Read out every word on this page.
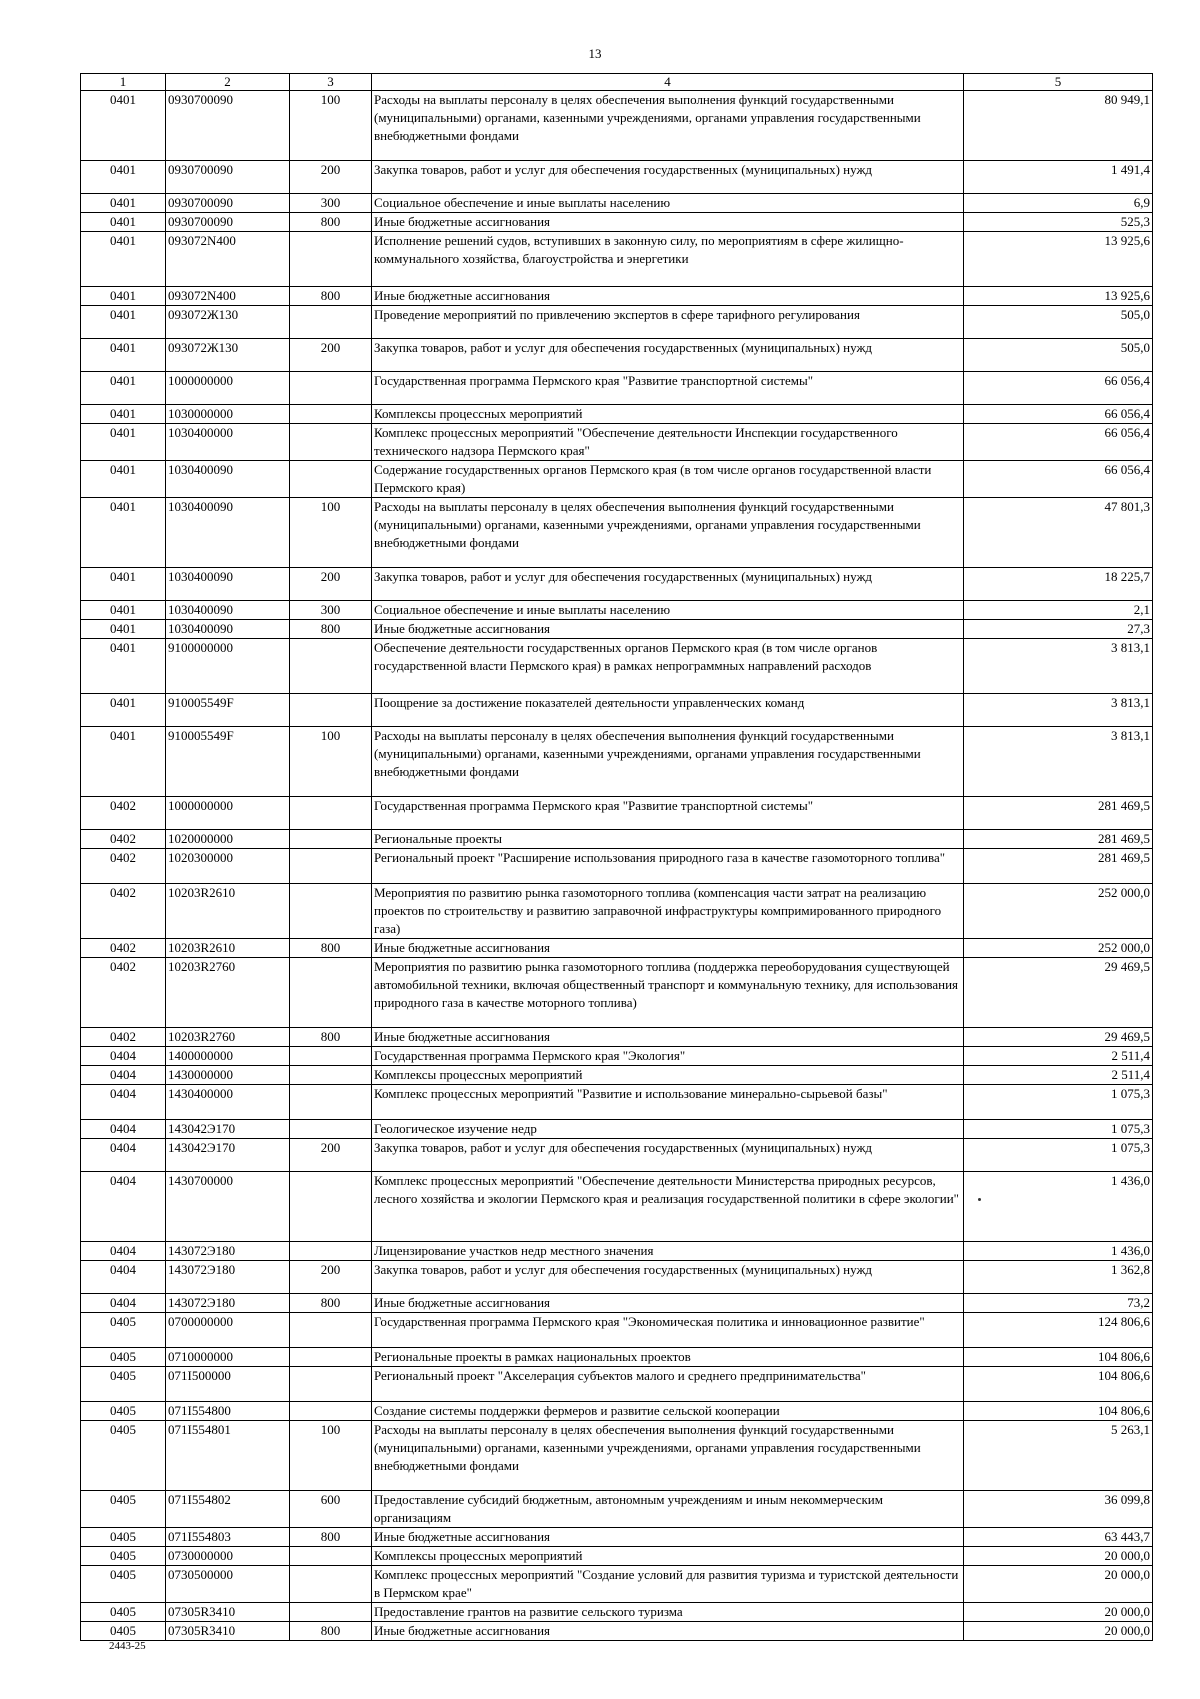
13
1	2	3	4	5
0401	0930700090	100	Расходы на выплаты персоналу в целях обеспечения выполнения функций государственными (муниципальными) органами, казенными учреждениями, органами управления государственными внебюджетными фондами	80 949,1
0401	0930700090	200	Закупка товаров, работ и услуг для обеспечения государственных (муниципальных) нужд	1 491,4
0401	0930700090	300	Социальное обеспечение и иные выплаты населению	6,9
0401	0930700090	800	Иные бюджетные ассигнования	525,3
0401	093072N400		Исполнение решений судов, вступивших в законную силу, по мероприятиям в сфере жилищно-коммунального хозяйства, благоустройства и энергетики	13 925,6
0401	093072N400	800	Иные бюджетные ассигнования	13 925,6
0401	093072Ж130		Проведение мероприятий по привлечению экспертов в сфере тарифного регулирования	505,0
0401	093072Ж130	200	Закупка товаров, работ и услуг для обеспечения государственных (муниципальных) нужд	505,0
0401	1000000000		Государственная программа Пермского края "Развитие транспортной системы"	66 056,4
0401	1030000000		Комплексы процессных мероприятий	66 056,4
0401	1030400000		Комплекс процессных мероприятий "Обеспечение деятельности Инспекции государственного технического надзора Пермского края"	66 056,4
0401	1030400090		Содержание государственных органов Пермского края (в том числе органов государственной власти Пермского края)	66 056,4
0401	1030400090	100	Расходы на выплаты персоналу в целях обеспечения выполнения функций государственными (муниципальными) органами, казенными учреждениями, органами управления государственными внебюджетными фондами	47 801,3
0401	1030400090	200	Закупка товаров, работ и услуг для обеспечения государственных (муниципальных) нужд	18 225,7
0401	1030400090	300	Социальное обеспечение и иные выплаты населению	2,1
0401	1030400090	800	Иные бюджетные ассигнования	27,3
0401	9100000000		Обеспечение деятельности государственных органов Пермского края (в том числе органов государственной власти Пермского края) в рамках непрограммных направлений расходов	3 813,1
0401	910005549F		Поощрение за достижение показателей деятельности управленческих команд	3 813,1
0401	910005549F	100	Расходы на выплаты персоналу в целях обеспечения выполнения функций государственными (муниципальными) органами, казенными учреждениями, органами управления государственными внебюджетными фондами	3 813,1
0402	1000000000		Государственная программа Пермского края "Развитие транспортной системы"	281 469,5
0402	1020000000		Региональные проекты	281 469,5
0402	1020300000		Региональный проект "Расширение использования природного газа в качестве газомоторного топлива"	281 469,5
0402	10203R2610		Мероприятия по развитию рынка газомоторного топлива (компенсация части затрат на реализацию проектов по строительству и развитию заправочной инфраструктуры компримированного природного газа)	252 000,0
0402	10203R2610	800	Иные бюджетные ассигнования	252 000,0
0402	10203R2760		Мероприятия по развитию рынка газомоторного топлива (поддержка переоборудования существующей автомобильной техники, включая общественный транспорт и коммунальную технику, для использования природного газа в качестве моторного топлива)	29 469,5
0402	10203R2760	800	Иные бюджетные ассигнования	29 469,5
0404	1400000000		Государственная программа Пермского края "Экология"	2 511,4
0404	1430000000		Комплексы процессных мероприятий	2 511,4
0404	1430400000		Комплекс процессных мероприятий "Развитие и использование минерально-сырьевой базы"	1 075,3
0404	143042Э170		Геологическое изучение недр	1 075,3
0404	143042Э170	200	Закупка товаров, работ и услуг для обеспечения государственных (муниципальных) нужд	1 075,3
0404	1430700000		Комплекс процессных мероприятий "Обеспечение деятельности Министерства природных ресурсов, лесного хозяйства и экологии Пермского края и реализация государственной политики в сфере экологии"	1 436,0
0404	143072Э180		Лицензирование участков недр местного значения	1 436,0
0404	143072Э180	200	Закупка товаров, работ и услуг для обеспечения государственных (муниципальных) нужд	1 362,8
0404	143072Э180	800	Иные бюджетные ассигнования	73,2
0405	0700000000		Государственная программа Пермского края "Экономическая политика и инновационное развитие"	124 806,6
0405	0710000000		Региональные проекты в рамках национальных проектов	104 806,6
0405	071I500000		Региональный проект "Акселерация субъектов малого и среднего предпринимательства"	104 806,6
0405	071I554800		Создание системы поддержки фермеров и развитие сельской кооперации	104 806,6
0405	071I554801	100	Расходы на выплаты персоналу в целях обеспечения выполнения функций государственными (муниципальными) органами, казенными учреждениями, органами управления государственными внебюджетными фондами	5 263,1
0405	071I554802	600	Предоставление субсидий бюджетным, автономным учреждениям и иным некоммерческим организациям	36 099,8
0405	071I554803	800	Иные бюджетные ассигнования	63 443,7
0405	0730000000		Комплексы процессных мероприятий	20 000,0
0405	0730500000		Комплекс процессных мероприятий "Создание условий для развития туризма и туристской деятельности в Пермском крае"	20 000,0
0405	07305R3410		Предоставление грантов на развитие сельского туризма	20 000,0
0405	07305R3410	800	Иные бюджетные ассигнования	20 000,0
2443-25
